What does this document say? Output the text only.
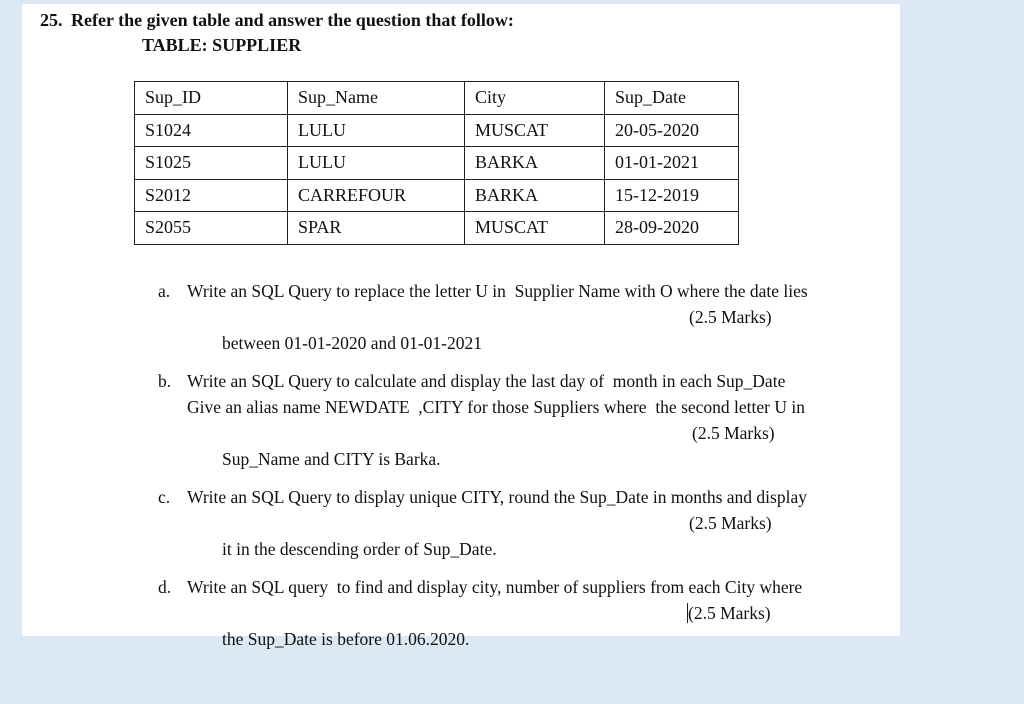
25. Refer the given table and answer the question that follow:
TABLE: SUPPLIER
Sup_ID	Sup_Name	City	Sup_Date
S1024	LULU	MUSCAT	20-05-2020
S1025	LULU	BARKA	01-01-2021
S2012	CARREFOUR	BARKA	15-12-2019
S2055	SPAR	MUSCAT	28-09-2020
a. Write an SQL Query to replace the letter U in  Supplier Name with O where the date lies

between 01-01-2020 and 01-01-2021

(2.5 Marks)

b. Write an SQL Query to calculate and display the last day of  month in each Sup_Date
Give an alias name NEWDATE  ,CITY for those Suppliers where  the second letter U in

Sup_Name and CITY is Barka.

(2.5 Marks)

c. Write an SQL Query to display unique CITY, round the Sup_Date in months and display

it in the descending order of Sup_Date.

(2.5 Marks)

d. Write an SQL query  to find and display city, number of suppliers from each City where

the Sup_Date is before 01.06.2020.

(2.5 Marks)
